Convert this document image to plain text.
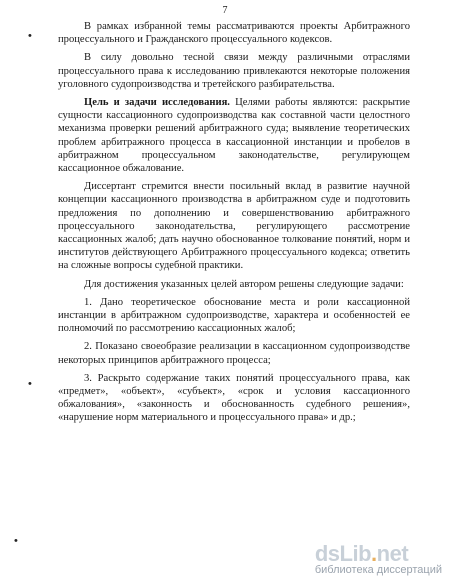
7
•
•
•

В рамках избранной темы рассматриваются проекты Арбитражного процессуального и Гражданского процессуального кодексов.

В силу довольно тесной связи между различными отраслями процессуального права к исследованию привлекаются некоторые положения уголовного судопроизводства и третейского разбирательства.

Цель и задачи исследования. Целями работы являются: раскрытие сущности кассационного судопроизводства как составной части целостного механизма проверки решений арбитражного суда; выявление теоретических проблем арбитражного процесса в кассационной инстанции и пробелов в арбитражном процессуальном законодательстве, регулирующем кассационное обжалование.

Дисcертант стремится внести посильный вклад в развитие научной концепции кассационного производства в арбитражном суде и подготовить предложения по дополнению и совершенствованию арбитражного процессуального законодательства, регулирующего рассмотрение кассационных жалоб; дать научно обоснованное толкование понятий, норм и институтов действующего Арбитражного процессуального кодекса; ответить на сложные вопросы судебной практики.

Для достижения указанных целей автором решены следующие задачи:

1. Дано теоретическое обоснование места и роли кассационной инстанции в арбитражном судопроизводстве, характера и особенностей ее полномочий по рассмотрению кассационных жалоб;

2. Показано своеобразие реализации в кассационном судопроизводстве некоторых принципов арбитражного процесса;

3. Раскрыто содержание таких понятий процессуального права, как «предмет», «объект», «субъект», «срок и условия кассационного обжалования», «законность и обоснованность судебного решения», «нарушение норм материального и процессуального права» и др.;

dsLib.net
библиотека диссертаций
